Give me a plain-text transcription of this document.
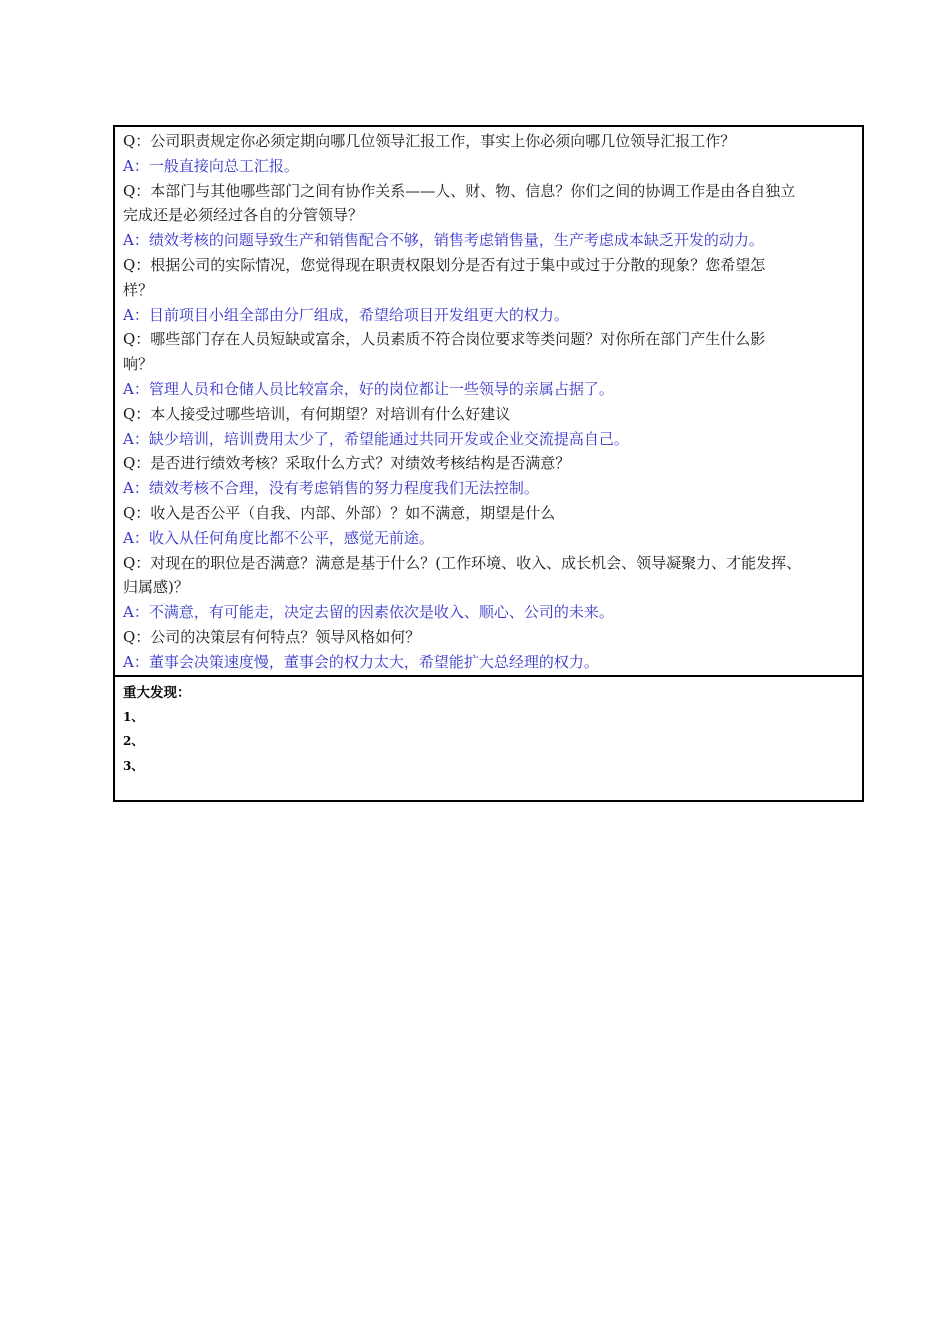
Q：公司职责规定你必须定期向哪几位领导汇报工作，事实上你必须向哪几位领导汇报工作？
A：一般直接向总工汇报。
Q：本部门与其他哪些部门之间有协作关系——人、财、物、信息？你们之间的协调工作是由各自独立
完成还是必须经过各自的分管领导？
A：绩效考核的问题导致生产和销售配合不够，销售考虑销售量，生产考虑成本缺乏开发的动力。
Q：根据公司的实际情况，您觉得现在职责权限划分是否有过于集中或过于分散的现象？您希望怎
样？
A：目前项目小组全部由分厂组成，希望给项目开发组更大的权力。
Q：哪些部门存在人员短缺或富余，人员素质不符合岗位要求等类问题？对你所在部门产生什么影
响？
A：管理人员和仓储人员比较富余，好的岗位都让一些领导的亲属占据了。
Q：本人接受过哪些培训，有何期望？对培训有什么好建议
A：缺少培训，培训费用太少了，希望能通过共同开发或企业交流提高自己。
Q：是否进行绩效考核？采取什么方式？对绩效考核结构是否满意？
A：绩效考核不合理，没有考虑销售的努力程度我们无法控制。
Q：收入是否公平（自我、内部、外部）？如不满意，期望是什么
A：收入从任何角度比都不公平，感觉无前途。
Q：对现在的职位是否满意？满意是基于什么？(工作环境、收入、成长机会、领导凝聚力、才能发挥、
归属感)？
A：不满意，有可能走，决定去留的因素依次是收入、顺心、公司的未来。
Q：公司的决策层有何特点？领导风格如何？
A：董事会决策速度慢，董事会的权力太大，希望能扩大总经理的权力。
重大发现：
1、
2、
3、
